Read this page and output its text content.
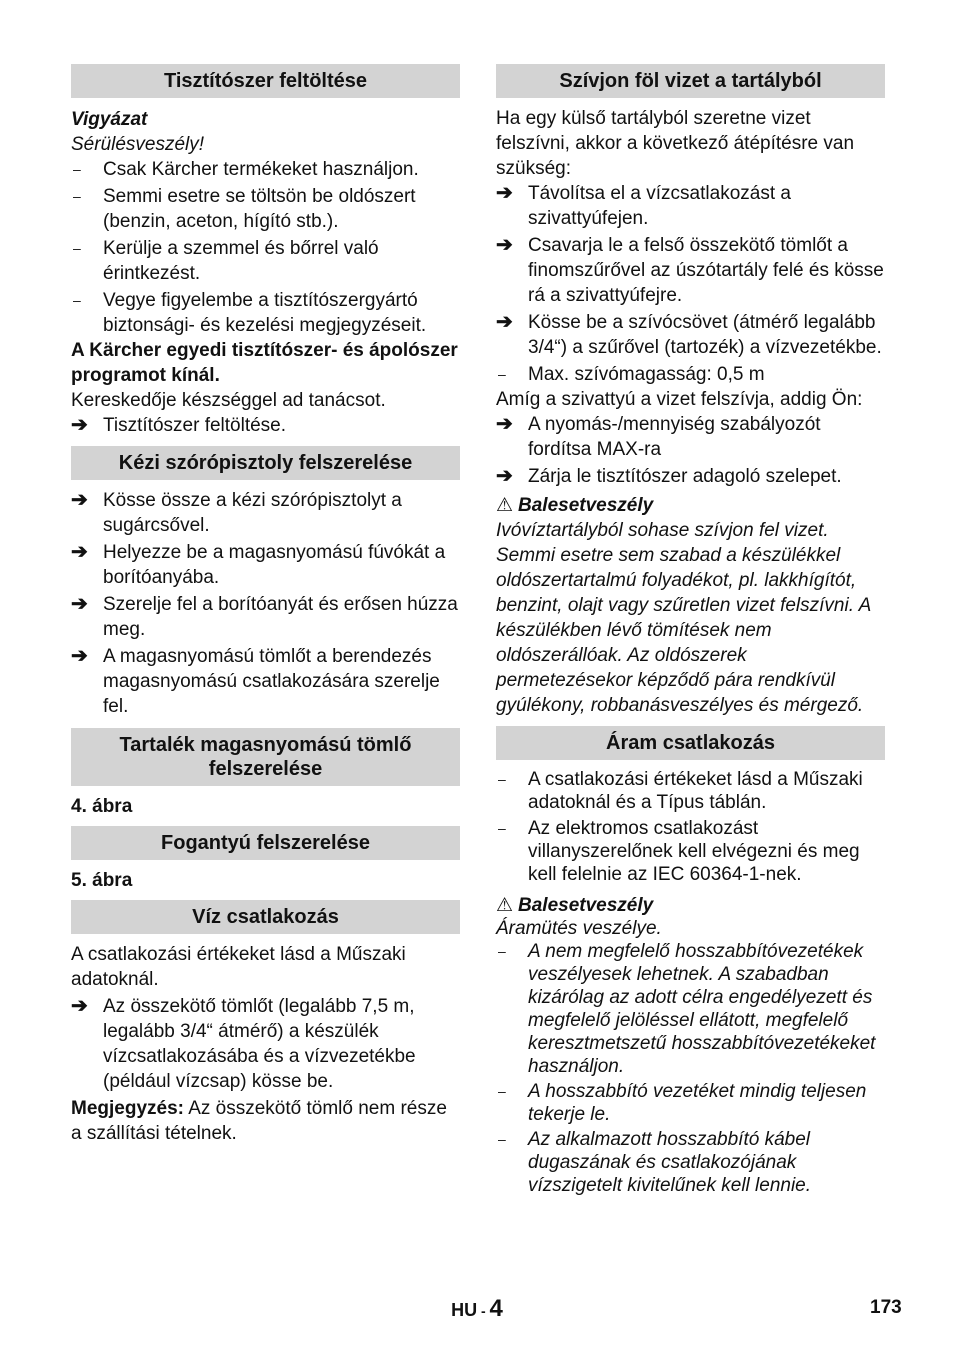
Tisztítószer feltöltése
Vigyázat
Sérülésveszély!
–	Csak Kärcher termékeket használjon.
–	Semmi esetre se töltsön be oldószert (benzin, aceton, hígító stb.).
–	Kerülje a szemmel és bőrrel való érintkezést.
–	Vegye figyelembe a tisztítószergyártó biztonsági- és kezelési megjegyzéseit.
A Kärcher egyedi tisztítószer- és ápolószer programot kínál.
Kereskedője készséggel ad tanácsot.
➔ Tisztítószer feltöltése.
Kézi szórópisztoly felszerelése
➔ Kösse össze a kézi szórópisztolyt a sugárcsővel.
➔ Helyezze be a magasnyomású fúvókát a borítóanyába.
➔ Szerelje fel a borítóanyát és erősen húzza meg.
➔ A magasnyomású tömlőt a berendezés magasnyomású csatlakozására szerelje fel.
Tartalék magasnyomású tömlő felszerelése
4. ábra
Fogantyú felszerelése
5. ábra
Víz csatlakozás
A csatlakozási értékeket lásd a Műszaki adatoknál.
➔ Az összekötő tömlőt (legalább 7,5 m, legalább 3/4“ átmérő) a készülék vízcsatlakozásába és a vízvezetékbe (például vízcsap) kösse be.
Megjegyzés: Az összekötő tömlő nem része a szállítási tételnek.
Szívjon föl vizet a tartályból
Ha egy külső tartályból szeretne vizet felszívni, akkor a következő átépítésre van szükség:
➔ Távolítsa el a vízcsatlakozást a szivattyúfejen.
➔ Csavarja le a felső összekötő tömlőt a finomszűrővel az úszótartály felé és kösse rá a szivattyúfejre.
➔ Kösse be a szívócsövet (átmérő legalább 3/4“) a szűrővel (tartozék) a vízvezetékbe.
–	Max. szívómagasság: 0,5 m
Amíg a szivattyú a vizet felszívja, addig Ön:
➔ A nyomás-/mennyiség szabályozót fordítsa MAX-ra
➔ Zárja le tisztítószer adagoló szelepet.
⚠ Balesetveszély
Ivóvíztartályból sohase szívjon fel vizet. Semmi esetre sem szabad a készülékkel oldószertartalmú folyadékot, pl. lakkhígítót, benzint, olajt vagy szűretlen vizet felszívni. A készülékben lévő tömítések nem oldószerállóak. Az oldószerek permetezésekor képződő pára rendkívül gyúlékony, robbanásveszélyes és mérgező.
Áram csatlakozás
–	A csatlakozási értékeket lásd a Műszaki adatoknál és a Típus táblán.
–	Az elektromos csatlakozást villanyszerelőnek kell elvégezni és meg kell felelnie az IEC 60364-1-nek.
⚠ Balesetveszély
Áramütés veszélye.
–	A nem megfelelő hosszabbítóvezetékek veszélyesek lehetnek. A szabadban kizárólag az adott célra engedélyezett és megfelelő jelöléssel ellátott, megfelelő keresztmetszetű hosszabbítóvezetékeket használjon.
–	A hosszabbító vezetéket mindig teljesen tekerje le.
–	Az alkalmazott hosszabbító kábel dugaszának és csatlakozójának vízszigetelt kivitelűnek kell lennie.
HU - 4	173
